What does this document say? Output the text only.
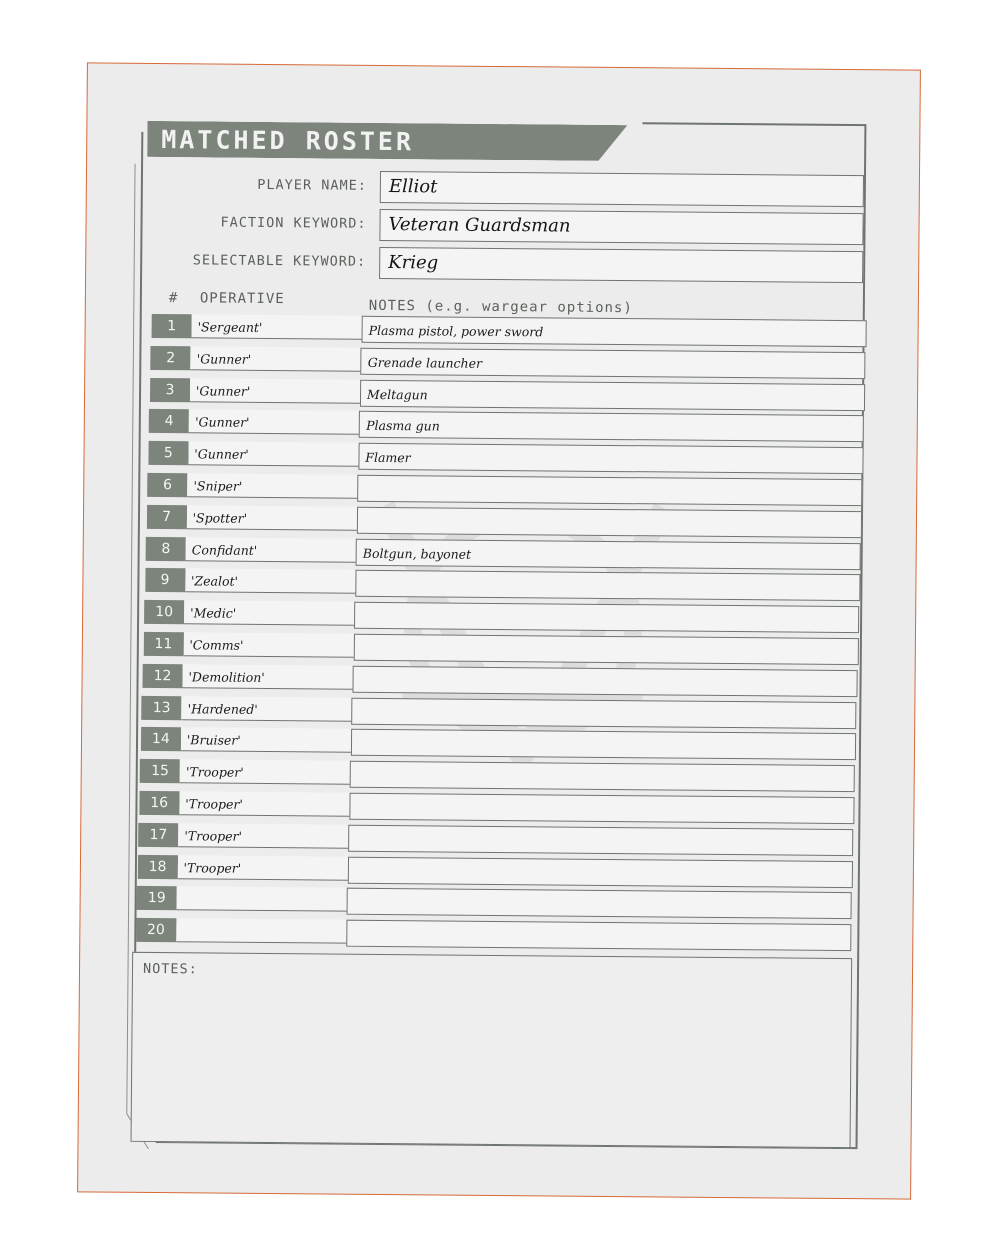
MATCHED ROSTER
PLAYER NAME: Elliot
FACTION KEYWORD: Veteran Guardsman
SELECTABLE KEYWORD: Krieg
# OPERATIVE	NOTES (e.g. wargear options)
1	'Sergeant'	Plasma pistol, power sword
2	'Gunner'	Grenade launcher
3	'Gunner'	Meltagun
4	'Gunner'	Plasma gun
5	'Gunner'	Flamer
6	'Sniper'
7	'Spotter'
8	Confidant'	Boltgun, bayonet
9	'Zealot'
10	'Medic'
11	'Comms'
12	'Demolition'
13	'Hardened'
14	'Bruiser'
15	'Trooper'
16	'Trooper'
17	'Trooper'
18	'Trooper'
19
20
NOTES:
